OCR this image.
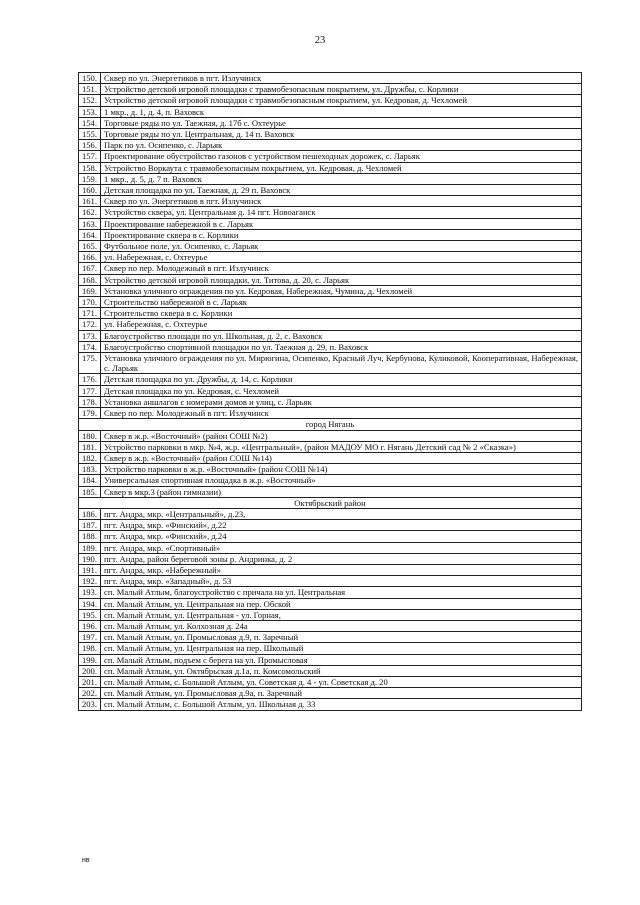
23
150.	Сквер по ул. Энергетиков в пгт. Излучинск
151.	Устройство детской игровой площадки с травмобезопасным покрытием, ул. Дружбы, с. Корлики
152.	Устройство детской игровой площадки с травмобезопасным покрытием, ул. Кедровая, д. Чехломей
153.	1 мкр., д. 1, д. 4, п. Ваховск
154.	Торговые ряды по ул. Таежная, д. 17б с. Охтеурье
155.	Торговые ряды по ул. Центральная, д. 14 п. Ваховск
156.	Парк по ул. Осипенко, с. Ларьяк
157.	Проектирование обустройство газонов с устройством пешеходных дорожек, с. Ларьяк
158.	Устройство Воркаута с травмобезопасным покрытием, ул. Кедровая, д. Чехломей
159.	1 мкр., д. 5, д. 7 п. Ваховск
160.	Детская площадка по ул. Таежная, д. 29 п. Ваховск
161.	Сквер по ул. Энергетиков в пгт. Излучинск
162.	Устройство сквера, ул. Центральная д. 14 пгт. Новоаганск
163.	Проектирование набережной в с. Ларьяк
164.	Проектирование сквера в с. Корлики
165.	Футбольное поле, ул. Осипенко, с. Ларьяк
166.	ул. Набережная, с. Охтеурье
167.	Сквер по пер. Молодежный в пгт. Излучинск
168.	Устройство детской игровой площадки, ул. Титова, д. 20, с. Ларьяк
169.	Установка уличного ограждения по ул. Кедровая, Набережная, Чумина, д. Чехломей
170.	Строительство набережной в с. Ларьяк
171.	Строительство сквера в с. Корлики
172.	ул. Набережная, с. Охтеурье
173.	Благоустройство площади по ул. Школьная, д. 2, с. Ваховск
174.	Благоустройство спортивной площадки по ул. Таежная д. 29, п. Ваховск
175.	Установка уличного ограждения по ул. Мирюгина, Осипенко, Красный Луч, Кербунова, Куликовой, Кооперативная, Набережная, с. Ларьяк
176.	Детская площадка по ул. Дружбы, д. 14, с. Корлики
177.	Детская площадка по ул. Кедровая, с. Чехломей
178.	Установка аншлагов с номерами домов и улиц, с. Ларьяк
179.	Сквер по пер. Молодежный в пгт. Излучинск
город Нягань	
180.	Сквер в ж.р. «Восточный» (район СОШ №2)
181.	Устройство парковки в мкр. №4, ж.р. «Центральный», (район МАДОУ МО г. Нягань Детский сад № 2 «Сказка»)
182.	Сквер в ж.р. «Восточный» (район СОШ №14)
183.	Устройство парковки в ж.р. «Восточный» (район СОШ №14)
184.	Универсальная спортивная площадка в ж.р. «Восточный»
185.	Сквер в мкр.3 (район гимназии)
Октябрьский район	
186.	пгт. Андра, мкр. «Центральный», д.23,
187.	пгт. Андра, мкр. «Финский», д.22
188.	пгт. Андра, мкр. «Финский», д.24
189.	пгт. Андра, мкр. «Спортивный»
190.	пгт. Андра, район береговой зоны р. Андринка, д. 2
191.	пгт. Андра, мкр. «Набережный»
192.	пгт. Андра, мкр. «Западный», д. 53
193.	сп. Малый Атлым, благоустройство с причала на ул. Центральная
194.	сп. Малый Атлым, ул. Центральная на пер. Обской
195.	сп. Малый Атлым, ул. Центральная - ул. Горная,
196.	сп. Малый Атлым, ул. Колхозная д. 24а
197.	сп. Малый Атлым, ул. Промысловая д.9, п. Заречный
198.	сп. Малый Атлым, ул. Центральная на пер. Школьный
199.	сп. Малый Атлым, подъем с берега на ул. Промысловая
200.	сп. Малый Атлым, ул. Октябрьская д.1а, п. Комсомольский
201.	сп. Малый Атлым, с. Большой Атлым, ул. Советская д. 4 - ул. Советская д. 20
202.	сп. Малый Атлым, ул. Промысловая д.9а, п. Заречный
203.	сп. Малый Атлым, с. Большой Атлым, ул. Школьная д. 33
нв
